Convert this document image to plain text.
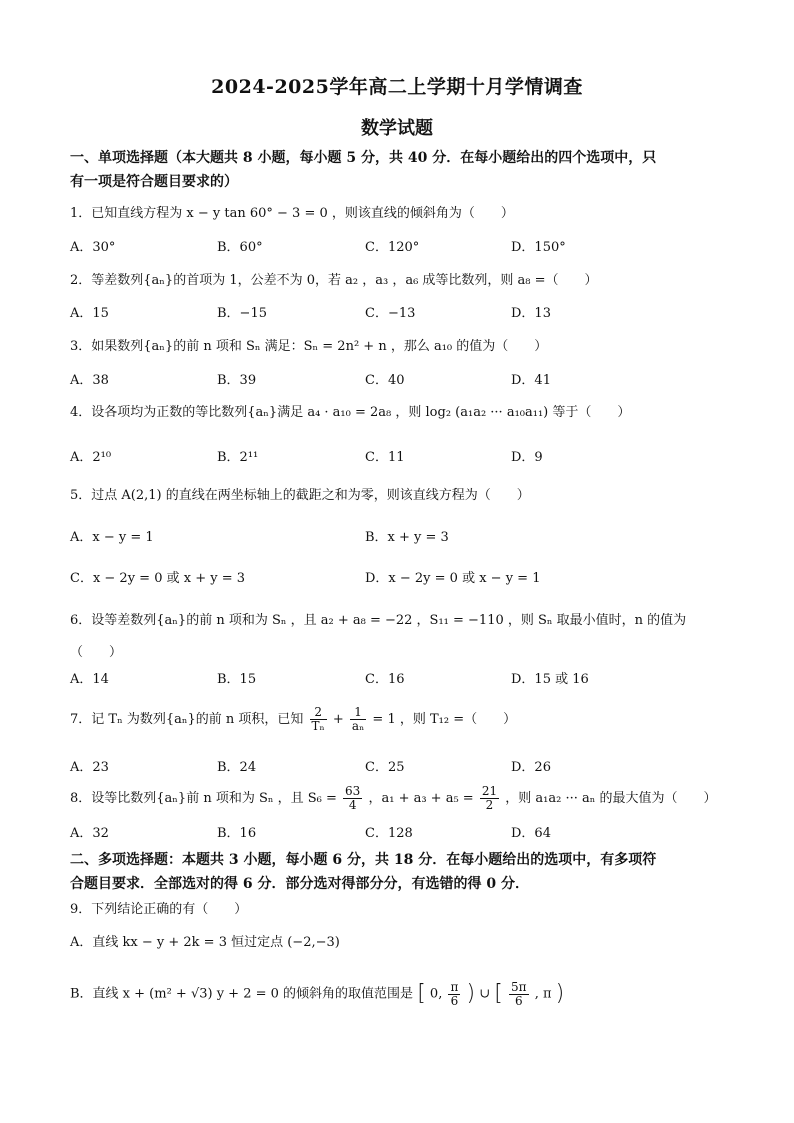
2024-2025学年高二上学期十月学情调查
数学试题
一、单项选择题（本大题共 8 小题，每小题 5 分，共 40 分．在每小题给出的四个选项中，只
有一项是符合题目要求的）
1．已知直线方程为 x − y tan 60° − 3 = 0 ，则该直线的倾斜角为（　　）
A．30°	B．60°	C．120°	D．150°
2．等差数列{aₙ}的首项为 1，公差不为 0，若 a₂ ，a₃ ，a₆ 成等比数列，则 a₈ =（　　）
A．15	B．−15	C．−13	D．13
3．如果数列{aₙ}的前 n 项和 Sₙ 满足：Sₙ = 2n² + n ，那么 a₁₀ 的值为（　　）
A．38	B．39	C．40	D．41
4．设各项均为正数的等比数列{aₙ}满足 a₄ · a₁₀ = 2a₈ ，则 log₂ (a₁a₂ ··· a₁₀a₁₁) 等于（　　）
A．2¹⁰	B．2¹¹	C．11	D．9
5．过点 A(2,1) 的直线在两坐标轴上的截距之和为零，则该直线方程为（　　）
A．x − y = 1	B．x + y = 3
C．x − 2y = 0 或 x + y = 3	D．x − 2y = 0 或 x − y = 1
6．设等差数列{aₙ}的前 n 项和为 Sₙ ，且 a₂ + a₈ = −22 ，S₁₁ = −110 ，则 Sₙ 取最小值时，n 的值为
（　　）
A．14	B．15	C．16	D．15 或 16
7．记 Tₙ 为数列{aₙ}的前 n 项积，已知 $\frac{2}{\text{Tₙ}} + \frac{1}{\text{aₙ}} = 1$ ，则 T₁₂ =（　　）
A．23	B．24	C．25	D．26
8．设等比数列{aₙ}前 n 项和为 Sₙ ，且 $S_6 = \frac{63}{4}$ ，$a_1 + a_3 + a_5 = \frac{21}{2}$ ，则 a₁a₂ ··· aₙ 的最大值为（　　）
A．32	B．16	C．128	D．64
二、多项选择题：本题共 3 小题，每小题 6 分，共 18 分．在每小题给出的选项中，有多项符
合题目要求．全部选对的得 6 分．部分选对得部分分，有选错的得 0 分．
9．下列结论正确的有（　　）
A．直线 kx − y + 2k = 3 恒过定点 (−2,−3)
B．直线 x + (m² + √3) y + 2 = 0 的倾斜角的取值范围是 [ 0, $\frac{\pi}{6}$ ) ∪ [ $\frac{5\pi}{6}$ , π )
